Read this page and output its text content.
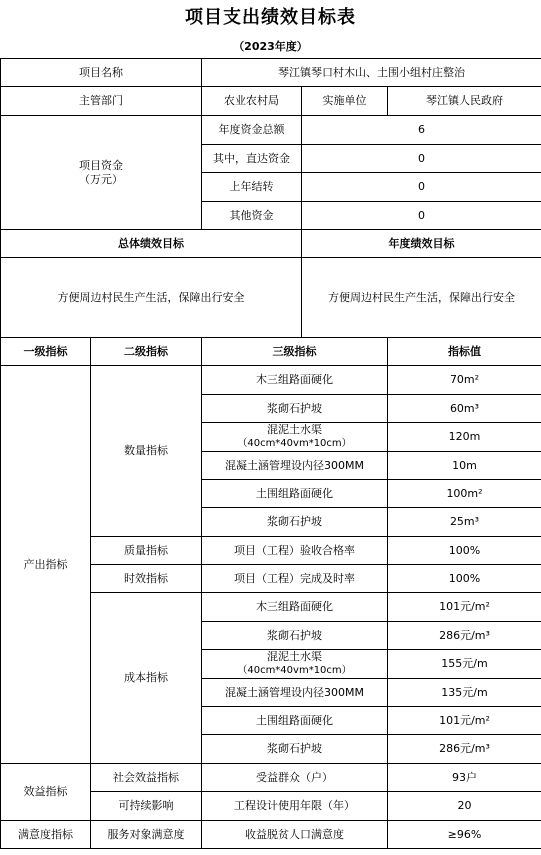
项目支出绩效目标表
（2023年度）
项目名称		琴江镇琴口村木山、土围小组村庄整治		
主管部门		农业农村局	实施单位	琴江镇人民政府
项目资金
（万元）		年度资金总额	6	
		其中，直达资金	0	
		上年结转	0	
		其他资金	0	
总体绩效目标			年度绩效目标	
方便周边村民生产生活，保障出行安全			方便周边村民生产生活，保障出行安全	
一级指标	二级指标	三级指标		指标值
产出指标	数量指标	木三组路面硬化		70m²
		浆砌石护坡		60m³
		混泥土水渠
（40cm*40vm*10cm）		120m
		混凝土涵管埋设内径300MM		10m
		土围组路面硬化		100m²
		浆砌石护坡		25m³
	质量指标	项目（工程）验收合格率		100%
	时效指标	项目（工程）完成及时率		100%
	成本指标	木三组路面硬化		101元/m²
		浆砌石护坡		286元/m³
		混泥土水渠
（40cm*40vm*10cm）		155元/m
		混凝土涵管埋设内径300MM		135元/m
		土围组路面硬化		101元/m²
		浆砌石护坡		286元/m³
效益指标	社会效益指标	受益群众（户）		93户
	可持续影响	工程设计使用年限（年）		20
满意度指标	服务对象满意度	收益脱贫人口满意度		≥96%
